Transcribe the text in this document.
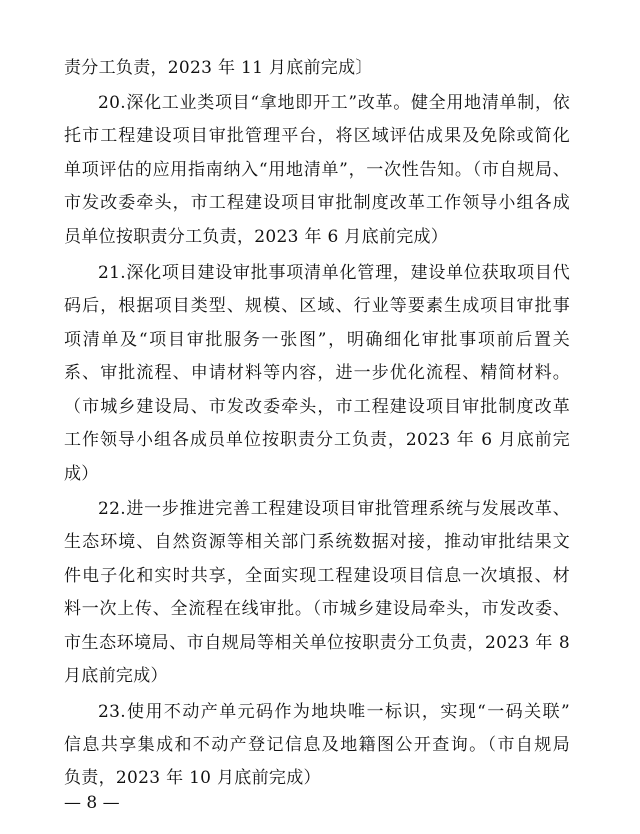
责分工负责，2023 年 11 月底前完成〕
20.深化工业类项目“拿地即开工”改革。健全用地清单制，依
托市工程建设项目审批管理平台，将区域评估成果及免除或简化
单项评估的应用指南纳入“用地清单”，一次性告知。（市自规局、
市发改委牵头，市工程建设项目审批制度改革工作领导小组各成
员单位按职责分工负责，2023 年 6 月底前完成）
21.深化项目建设审批事项清单化管理，建设单位获取项目代
码后，根据项目类型、规模、区域、行业等要素生成项目审批事
项清单及“项目审批服务一张图”，明确细化审批事项前后置关
系、审批流程、申请材料等内容，进一步优化流程、精简材料。
（市城乡建设局、市发改委牵头，市工程建设项目审批制度改革
工作领导小组各成员单位按职责分工负责，2023 年 6 月底前完
成）
22.进一步推进完善工程建设项目审批管理系统与发展改革、
生态环境、自然资源等相关部门系统数据对接，推动审批结果文
件电子化和实时共享，全面实现工程建设项目信息一次填报、材
料一次上传、全流程在线审批。（市城乡建设局牵头，市发改委、
市生态环境局、市自规局等相关单位按职责分工负责，2023 年 8
月底前完成）
23.使用不动产单元码作为地块唯一标识，实现“一码关联”
信息共享集成和不动产登记信息及地籍图公开查询。（市自规局
负责，2023 年 10 月底前完成）
— 8 —
